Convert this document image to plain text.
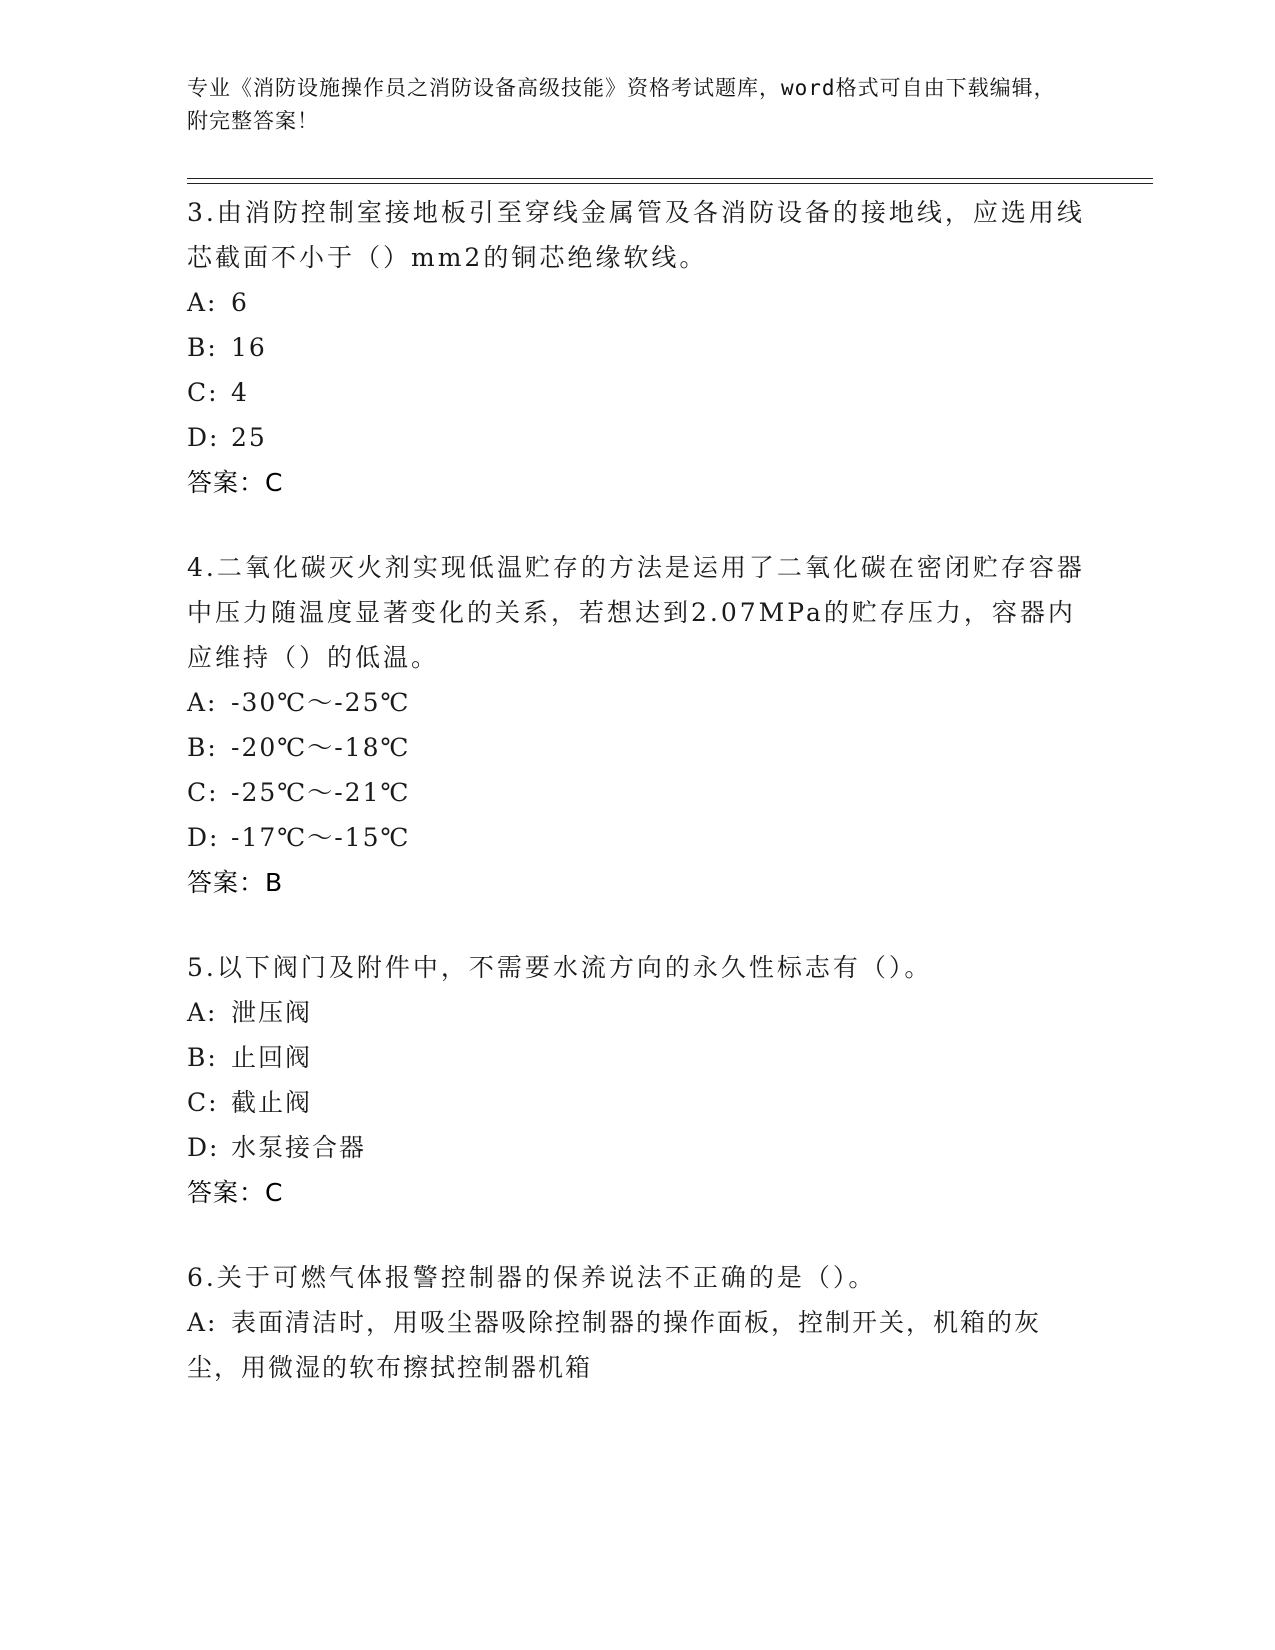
专业《消防设施操作员之消防设备高级技能》资格考试题库，word格式可自由下载编辑，附完整答案！

3.由消防控制室接地板引至穿线金属管及各消防设备的接地线，应选用线芯截面不小于（）mm2的铜芯绝缘软线。

A: 6

B: 16

C: 4

D: 25

答案：C

4.二氧化碳灭火剂实现低温贮存的方法是运用了二氧化碳在密闭贮存容器中压力随温度显著变化的关系，若想达到2.07MPa的贮存压力，容器内应维持（）的低温。

A: -30℃～-25℃

B: -20℃～-18℃

C: -25℃～-21℃

D: -17℃～-15℃

答案：B

5.以下阀门及附件中，不需要水流方向的永久性标志有（）。

A: 泄压阀

B: 止回阀

C: 截止阀

D: 水泵接合器

答案：C

6.关于可燃气体报警控制器的保养说法不正确的是（）。

A: 表面清洁时，用吸尘器吸除控制器的操作面板，控制开关，机箱的灰尘，用微湿的软布擦拭控制器机箱
